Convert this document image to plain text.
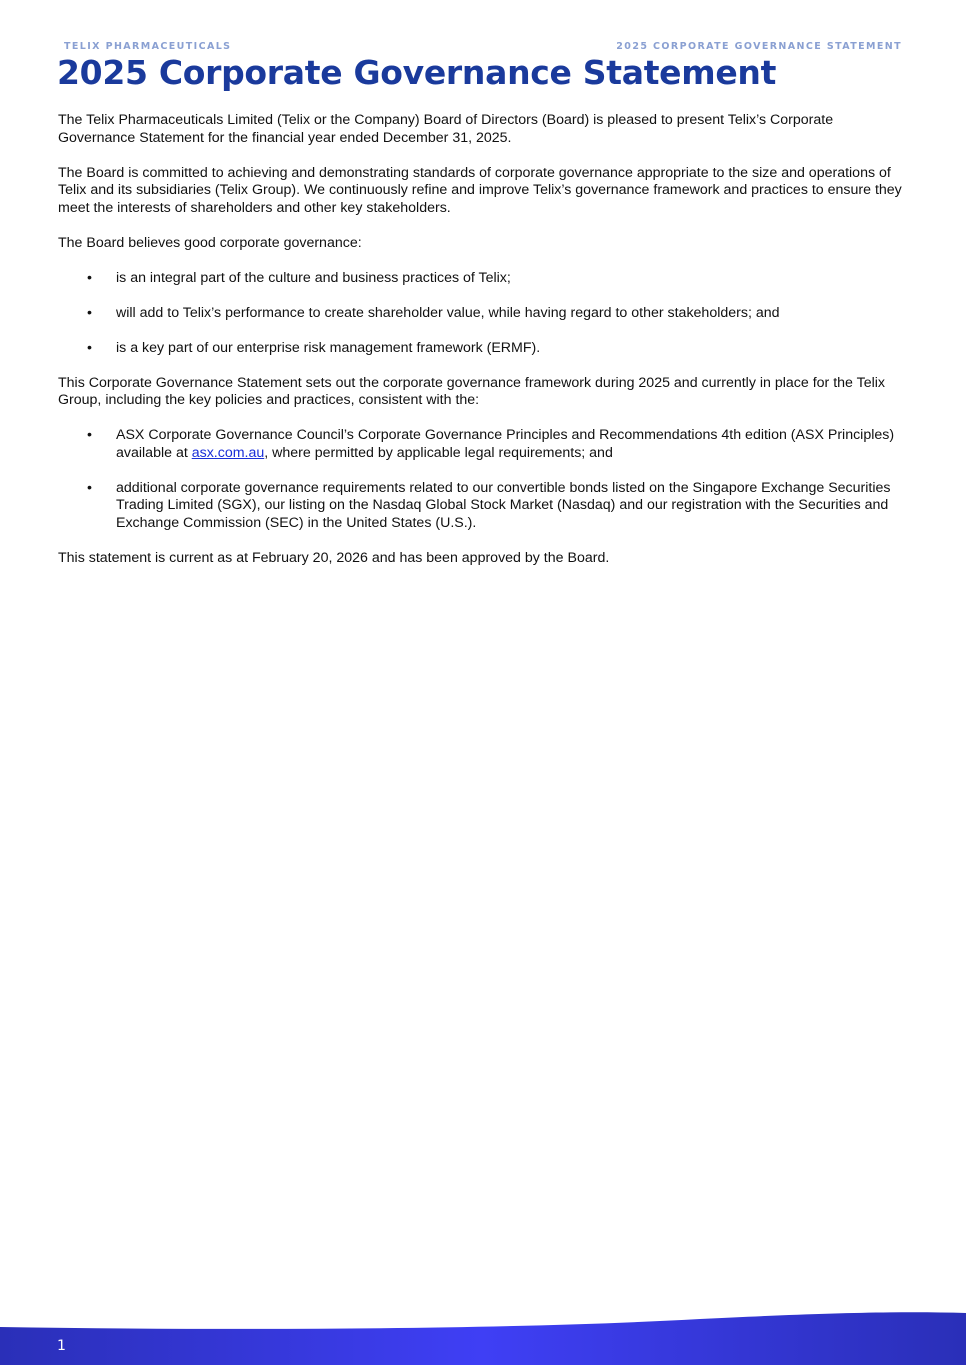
TELIX PHARMACEUTICALS	2025 CORPORATE GOVERNANCE STATEMENT
2025 Corporate Governance Statement

The Telix Pharmaceuticals Limited (Telix or the Company) Board of Directors (Board) is pleased to present Telix’s Corporate Governance Statement for the financial year ended December 31, 2025.

The Board is committed to achieving and demonstrating standards of corporate governance appropriate to the size and operations of Telix and its subsidiaries (Telix Group). We continuously refine and improve Telix’s governance framework and practices to ensure they meet the interests of shareholders and other key stakeholders.

The Board believes good corporate governance:

• is an integral part of the culture and business practices of Telix;
• will add to Telix’s performance to create shareholder value, while having regard to other stakeholders; and
• is a key part of our enterprise risk management framework (ERMF).

This Corporate Governance Statement sets out the corporate governance framework during 2025 and currently in place for the Telix Group, including the key policies and practices, consistent with the:

• ASX Corporate Governance Council’s Corporate Governance Principles and Recommendations 4th edition (ASX Principles) available at asx.com.au, where permitted by applicable legal requirements; and
• additional corporate governance requirements related to our convertible bonds listed on the Singapore Exchange Securities Trading Limited (SGX), our listing on the Nasdaq Global Stock Market (Nasdaq) and our registration with the Securities and Exchange Commission (SEC) in the United States (U.S.).

This statement is current as at February 20, 2026 and has been approved by the Board.

1
